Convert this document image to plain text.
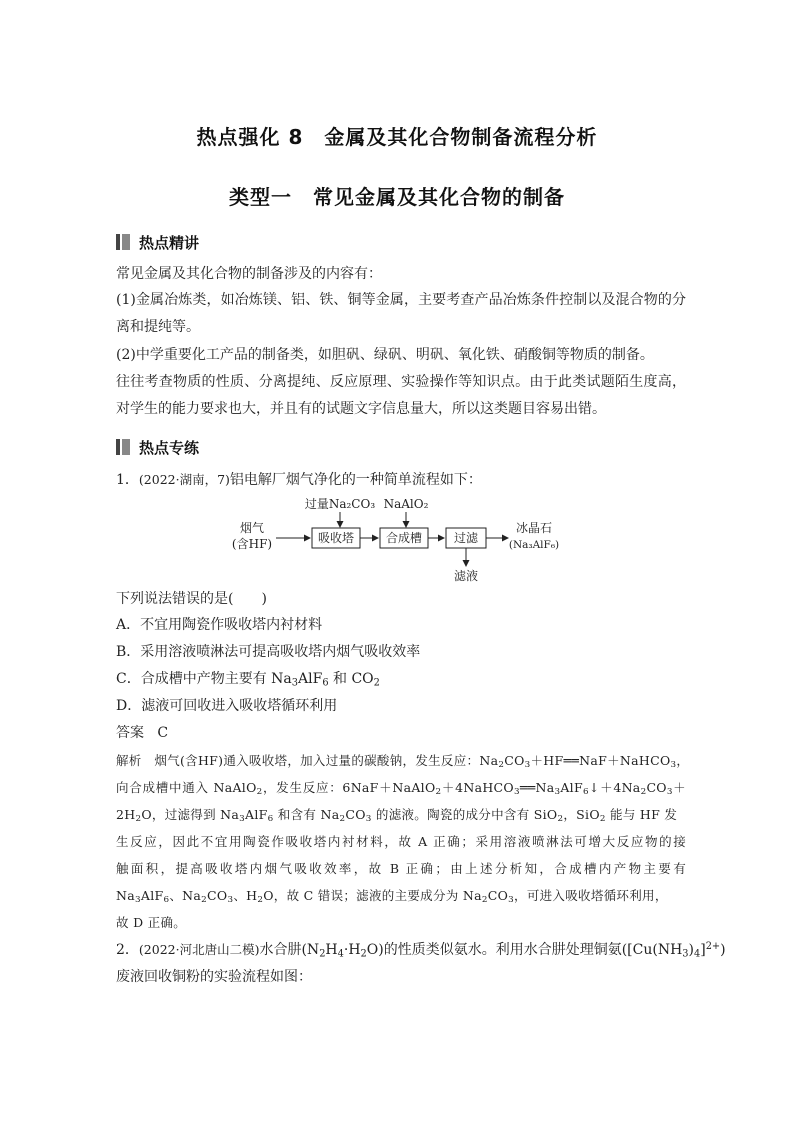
热点强化 8　金属及其化合物制备流程分析
类型一　常见金属及其化合物的制备
热点精讲
常见金属及其化合物的制备涉及的内容有：
(1)金属冶炼类，如冶炼镁、铝、铁、铜等金属，主要考查产品冶炼条件控制以及混合物的分
离和提纯等。
(2)中学重要化工产品的制备类，如胆矾、绿矾、明矾、氧化铁、硝酸铜等物质的制备。
往往考查物质的性质、分离提纯、反应原理、实验操作等知识点。由于此类试题陌生度高，
对学生的能力要求也大，并且有的试题文字信息量大，所以这类题目容易出错。
热点专练
1．(2022·湖南，7)铝电解厂烟气净化的一种简单流程如下：
烟气
(含HF)
过量Na₂CO₃
吸收塔
NaAlO₂
合成槽	过滤
滤液
冰晶石
(Na₃AlF₆)
下列说法错误的是(　　)
A．不宜用陶瓷作吸收塔内衬材料
B．采用溶液喷淋法可提高吸收塔内烟气吸收效率
C．合成槽中产物主要有 $Na_3AlF_6$ 和 $CO_2$
D．滤液可回收进入吸收塔循环利用
答案 C
解析　烟气(含HF)通入吸收塔，加入过量的碳酸钠，发生反应：$Na_2CO_3+HF══NaF+NaHCO_3$，
向合成槽中通入 NaAlO$_2$，发生反应：$6NaF+NaAlO_2+4NaHCO_3══Na_3AlF_6↓+4Na_2CO_3+$
$2H_2O$，过滤得到 $Na_3AlF_6$ 和含有 $Na_2CO_3$ 的滤液。陶瓷的成分中含有 SiO$_2$，SiO$_2$ 能与 HF 发
生反应，因此不宜用陶瓷作吸收塔内衬材料，故 A 正确；采用溶液喷淋法可增大反应物的接
触面积，提高吸收塔内烟气吸收效率，故 B 正确；由上述分析知，合成槽内产物主要有
$Na_3AlF_6$、$Na_2CO_3$、$H_2O$，故 C 错误；滤液的主要成分为 $Na_2CO_3$，可进入吸收塔循环利用，
故 D 正确。
2．(2022·河北唐山二模)水合肼$(N_2H_4\cdot H_2O)$的性质类似氨水。利用水合肼处理铜氨$([Cu(NH_3)_4]^{2+})$
废液回收铜粉的实验流程如图：
